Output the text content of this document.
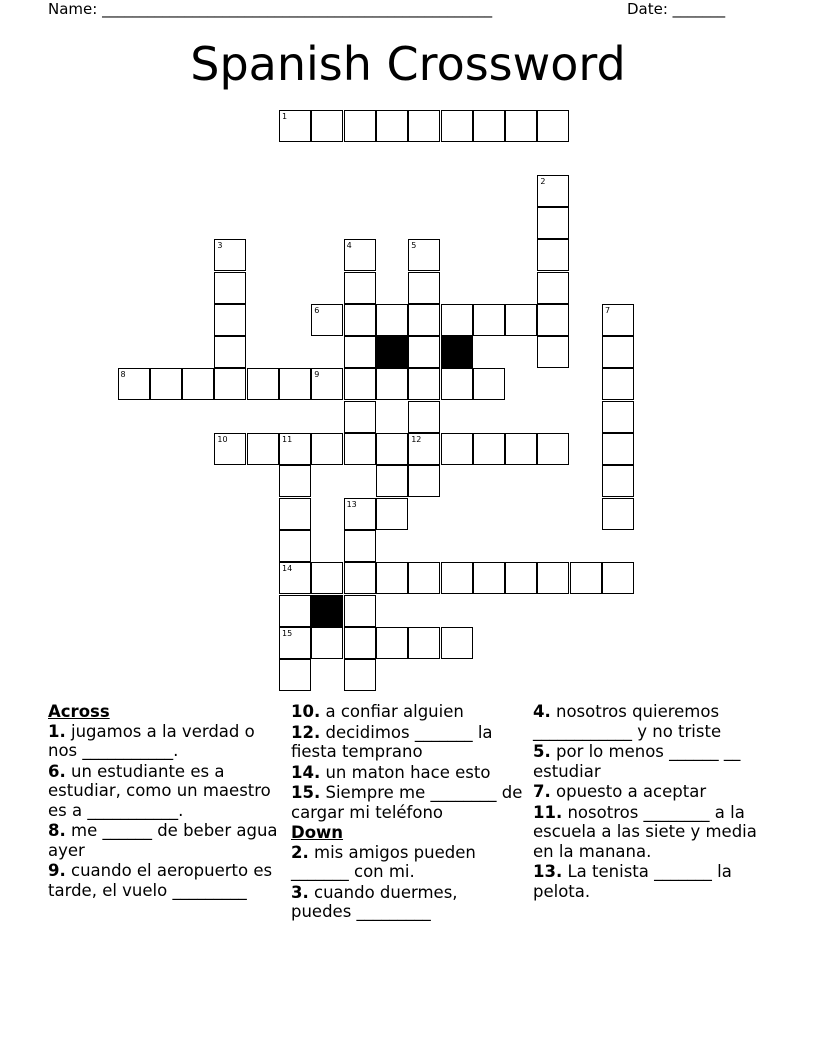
Name: ____________________________________________________	Date: _______
Spanish Crossword
1
2
3	4	5
6	7
8	9
10	11	12
13
14
15
Across
1. jugamos a la verdad o nos ___________.
6. un estudiante es a estudiar, como un maestro es a ___________.
8. me ______ de beber agua ayer
9. cuando el aeropuerto es tarde, el vuelo _________
10. a confiar alguien
12. decidimos _______ la fiesta temprano
14. un maton hace esto
15. Siempre me ________ de cargar mi teléfono
Down
2. mis amigos pueden _______ con mi.
3. cuando duermes, puedes _________
4. nosotros quieremos ____________ y no triste
5. por lo menos ______ __ estudiar
7. opuesto a aceptar
11. nosotros ________ a la escuela a las siete y media en la manana.
13. La tenista _______ la pelota.
